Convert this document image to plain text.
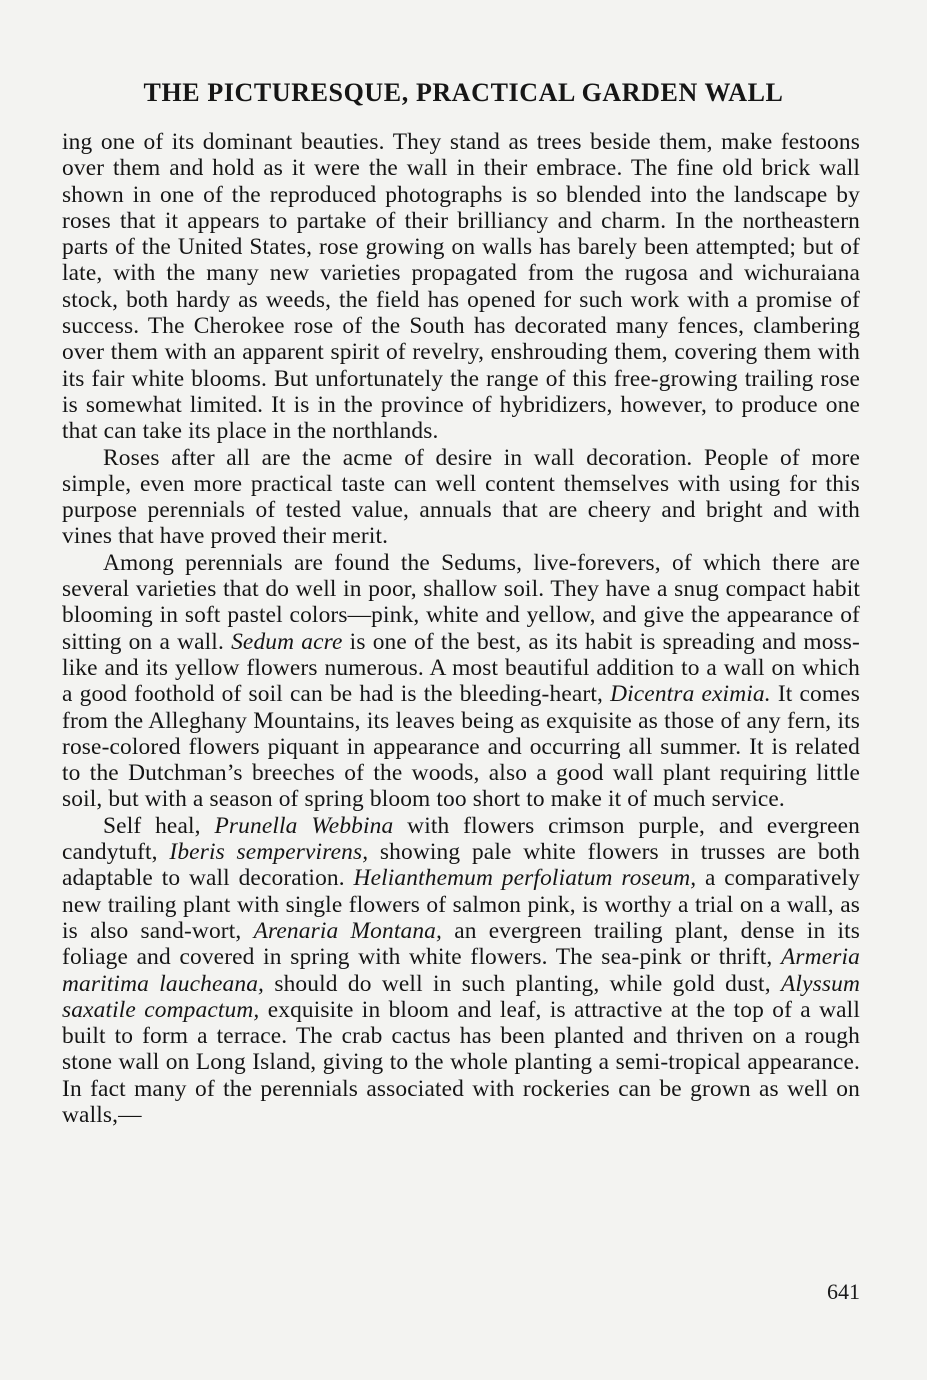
THE PICTURESQUE, PRACTICAL GARDEN WALL

ing one of its dominant beauties. They stand as trees beside them, make festoons over them and hold as it were the wall in their embrace. The fine old brick wall shown in one of the reproduced photographs is so blended into the landscape by roses that it appears to partake of their brilliancy and charm. In the northeastern parts of the United States, rose growing on walls has barely been attempted; but of late, with the many new varieties propagated from the rugosa and wichuraiana stock, both hardy as weeds, the field has opened for such work with a promise of success. The Cherokee rose of the South has decorated many fences, clambering over them with an apparent spirit of revelry, enshrouding them, covering them with its fair white blooms. But unfortunately the range of this free-growing trailing rose is somewhat limited. It is in the province of hybridizers, however, to produce one that can take its place in the northlands.

Roses after all are the acme of desire in wall decoration. People of more simple, even more practical taste can well content themselves with using for this purpose perennials of tested value, annuals that are cheery and bright and with vines that have proved their merit.

Among perennials are found the Sedums, live-forevers, of which there are several varieties that do well in poor, shallow soil. They have a snug compact habit blooming in soft pastel colors—pink, white and yellow, and give the appearance of sitting on a wall. Sedum acre is one of the best, as its habit is spreading and moss-like and its yellow flowers numerous. A most beautiful addition to a wall on which a good foothold of soil can be had is the bleeding-heart, Dicentra eximia. It comes from the Alleghany Mountains, its leaves being as exquisite as those of any fern, its rose-colored flowers piquant in appearance and occurring all summer. It is related to the Dutchman’s breeches of the woods, also a good wall plant requiring little soil, but with a season of spring bloom too short to make it of much service.

Self heal, Prunella Webbina with flowers crimson purple, and evergreen candytuft, Iberis sempervirens, showing pale white flowers in trusses are both adaptable to wall decoration. Helianthemum perfoliatum roseum, a comparatively new trailing plant with single flowers of salmon pink, is worthy a trial on a wall, as is also sand-wort, Arenaria Montana, an evergreen trailing plant, dense in its foliage and covered in spring with white flowers. The sea-pink or thrift, Armeria maritima laucheana, should do well in such planting, while gold dust, Alyssum saxatile compactum, exquisite in bloom and leaf, is attractive at the top of a wall built to form a terrace. The crab cactus has been planted and thriven on a rough stone wall on Long Island, giving to the whole planting a semi-tropical appearance. In fact many of the perennials associated with rockeries can be grown as well on walls,—

641
